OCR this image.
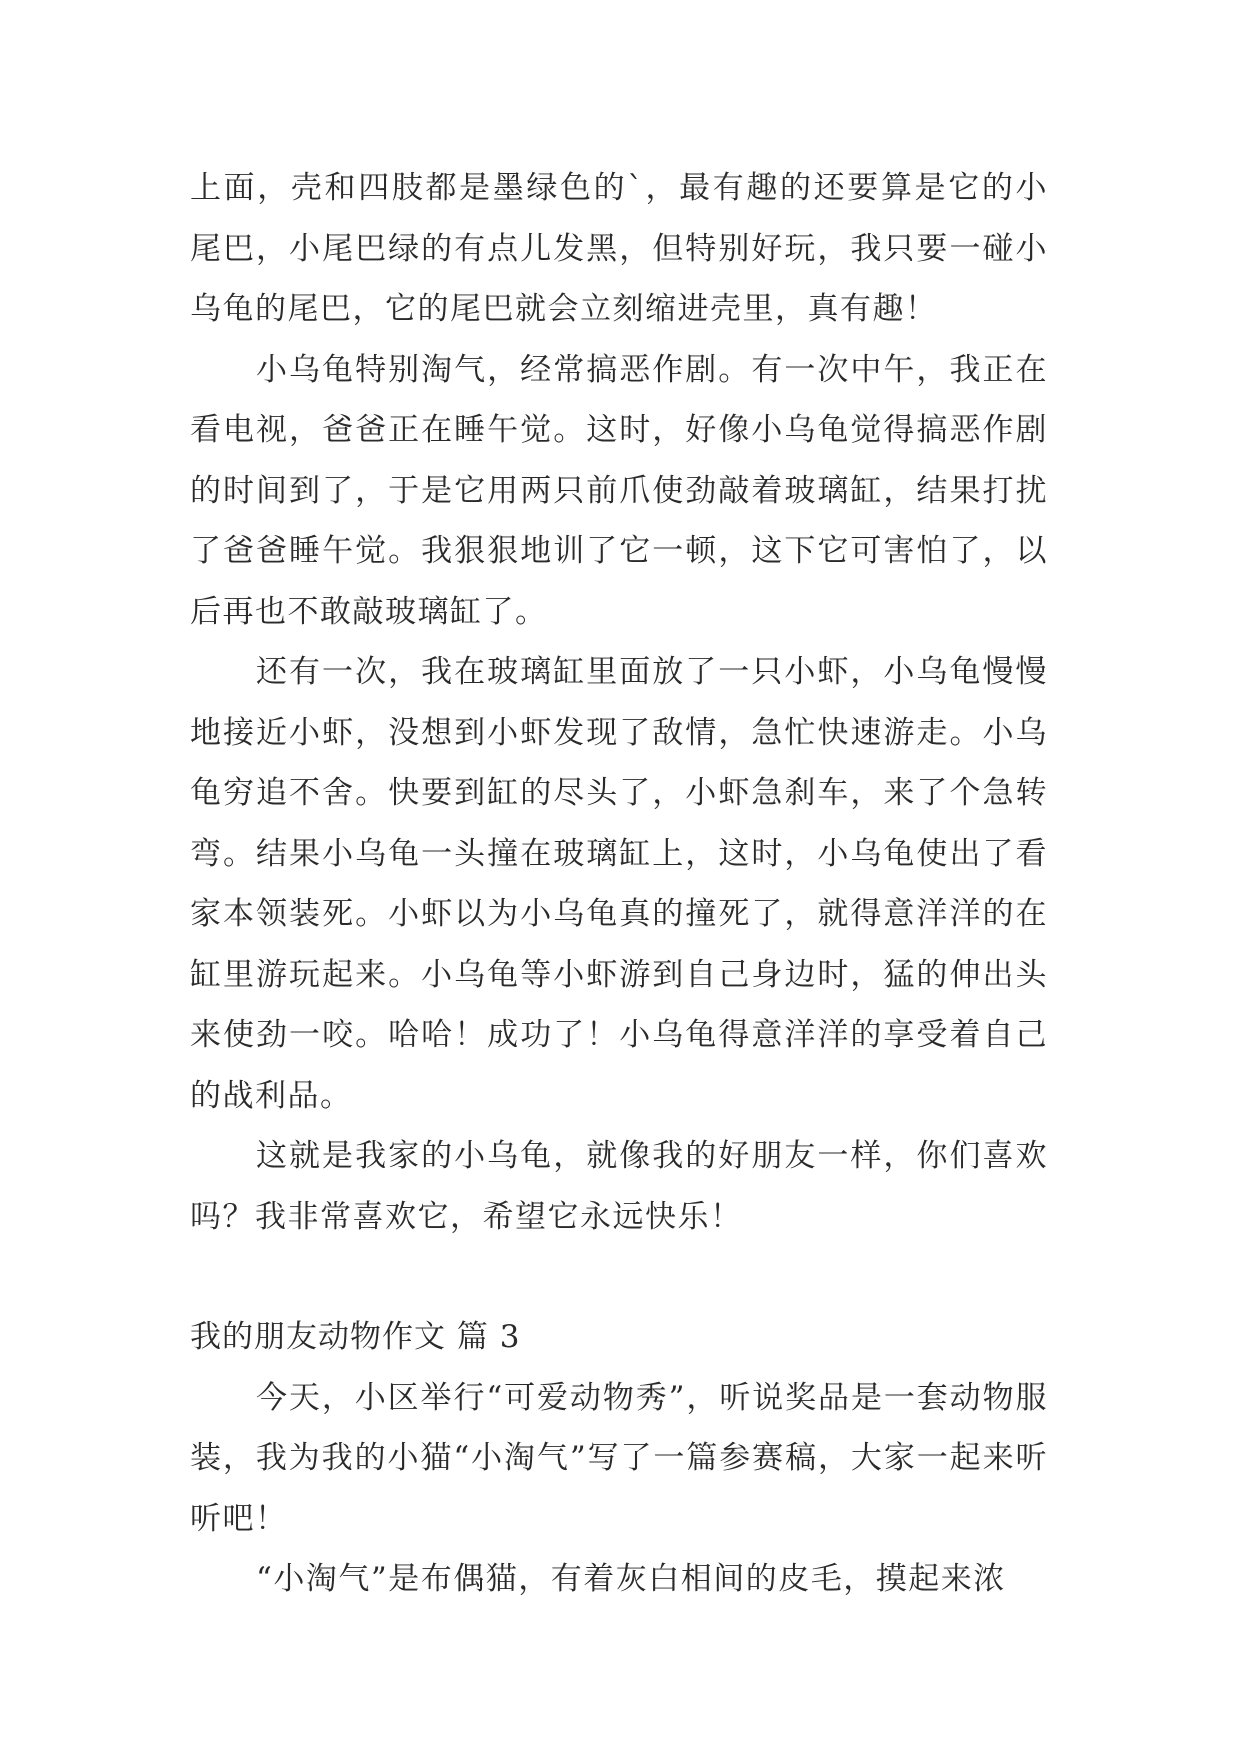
上面，壳和四肢都是墨绿色的`，最有趣的还要算是它的小尾巴，小尾巴绿的有点儿发黑，但特别好玩，我只要一碰小乌龟的尾巴，它的尾巴就会立刻缩进壳里，真有趣！

小乌龟特别淘气，经常搞恶作剧。有一次中午，我正在看电视，爸爸正在睡午觉。这时，好像小乌龟觉得搞恶作剧的时间到了，于是它用两只前爪使劲敲着玻璃缸，结果打扰了爸爸睡午觉。我狠狠地训了它一顿，这下它可害怕了，以后再也不敢敲玻璃缸了。

还有一次，我在玻璃缸里面放了一只小虾，小乌龟慢慢地接近小虾，没想到小虾发现了敌情，急忙快速游走。小乌龟穷追不舍。快要到缸的尽头了，小虾急刹车，来了个急转弯。结果小乌龟一头撞在玻璃缸上，这时，小乌龟使出了看家本领装死。小虾以为小乌龟真的撞死了，就得意洋洋的在缸里游玩起来。小乌龟等小虾游到自己身边时，猛的伸出头来使劲一咬。哈哈！成功了！小乌龟得意洋洋的享受着自己的战利品。

这就是我家的小乌龟，就像我的好朋友一样，你们喜欢吗？我非常喜欢它，希望它永远快乐！

我的朋友动物作文 篇 3

今天，小区举行“可爱动物秀”，听说奖品是一套动物服装，我为我的小猫“小淘气”写了一篇参赛稿，大家一起来听听吧！

“小淘气”是布偶猫，有着灰白相间的皮毛，摸起来浓
